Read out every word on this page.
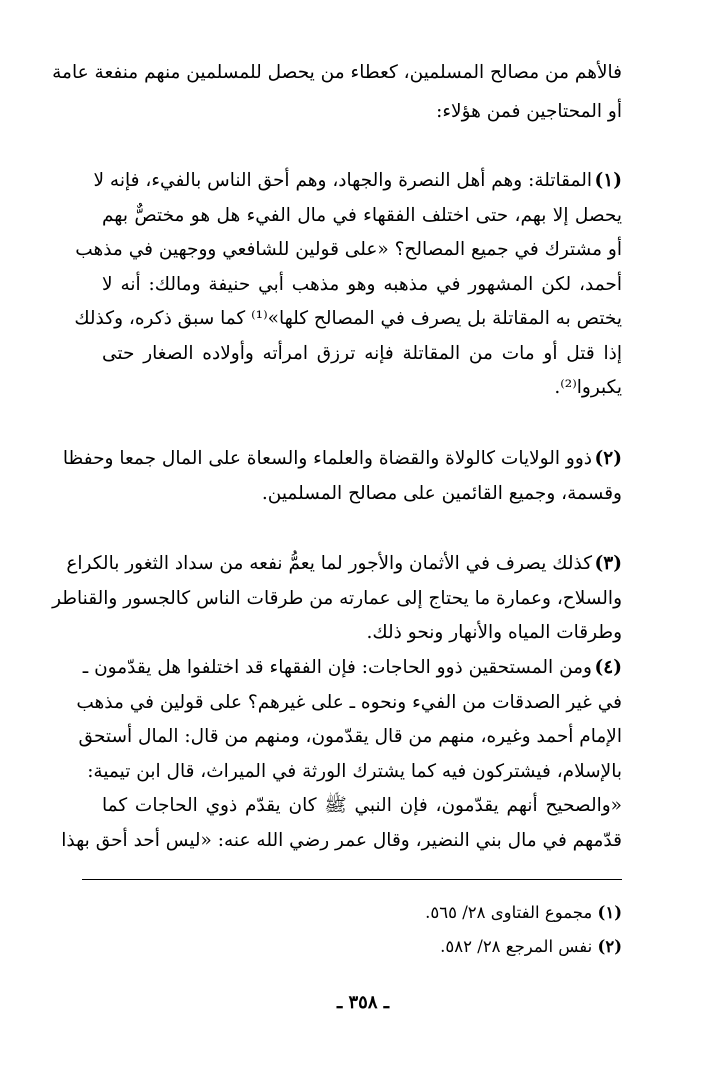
فالأهم من مصالح المسلمين، كعطاء من يحصل للمسلمين منهم منفعة عامة
أو المحتاجين فمن هؤلاء:
(١)
المقاتلة: وهم أهل النصرة والجهاد، وهم أحق الناس بالفيء، فإنه لا
يحصل إلا بهم، حتى اختلف الفقهاء في مال الفيء هل هو مختصٌّ بهم
أو مشترك في جميع المصالح؟ «على قولين للشافعي ووجهين في مذهب
أحمد، لكن المشهور في مذهبه وهو مذهب أبي حنيفة ومالك: أنه لا
يختص به المقاتلة بل يصرف في المصالح كلها»⁽¹⁾ كما سبق ذكره، وكذلك
إذا قتل أو مات من المقاتلة فإنه ترزق امرأته وأولاده الصغار حتى
يكبروا⁽²⁾.
(٢)
ذوو الولايات كالولاة والقضاة والعلماء والسعاة على المال جمعا وحفظا
وقسمة، وجميع القائمين على مصالح المسلمين.
(٣)
كذلك يصرف في الأثمان والأجور لما يعمُّ نفعه من سداد الثغور بالكراع
والسلاح، وعمارة ما يحتاج إلى عمارته من طرقات الناس كالجسور والقناطر
وطرقات المياه والأنهار ونحو ذلك.
(٤)
ومن المستحقين ذوو الحاجات: فإن الفقهاء قد اختلفوا هل يقدّمون ـ
في غير الصدقات من الفيء ونحوه ـ على غيرهم؟ على قولين في مذهب
الإمام أحمد وغيره، منهم من قال يقدّمون، ومنهم من قال: المال أستحق
بالإسلام، فيشتركون فيه كما يشترك الورثة في الميراث، قال ابن تيمية:
«والصحيح أنهم يقدّمون، فإن النبي ﷺ كان يقدّم ذوي الحاجات كما
قدّمهم في مال بني النضير، وقال عمر رضي الله عنه: «ليس أحد أحق بهذا
(١) مجموع الفتاوى ٢٨/ ٥٦٥.
(٢) نفس المرجع ٢٨/ ٥٨٢.
ـ ٣٥٨ ـ
